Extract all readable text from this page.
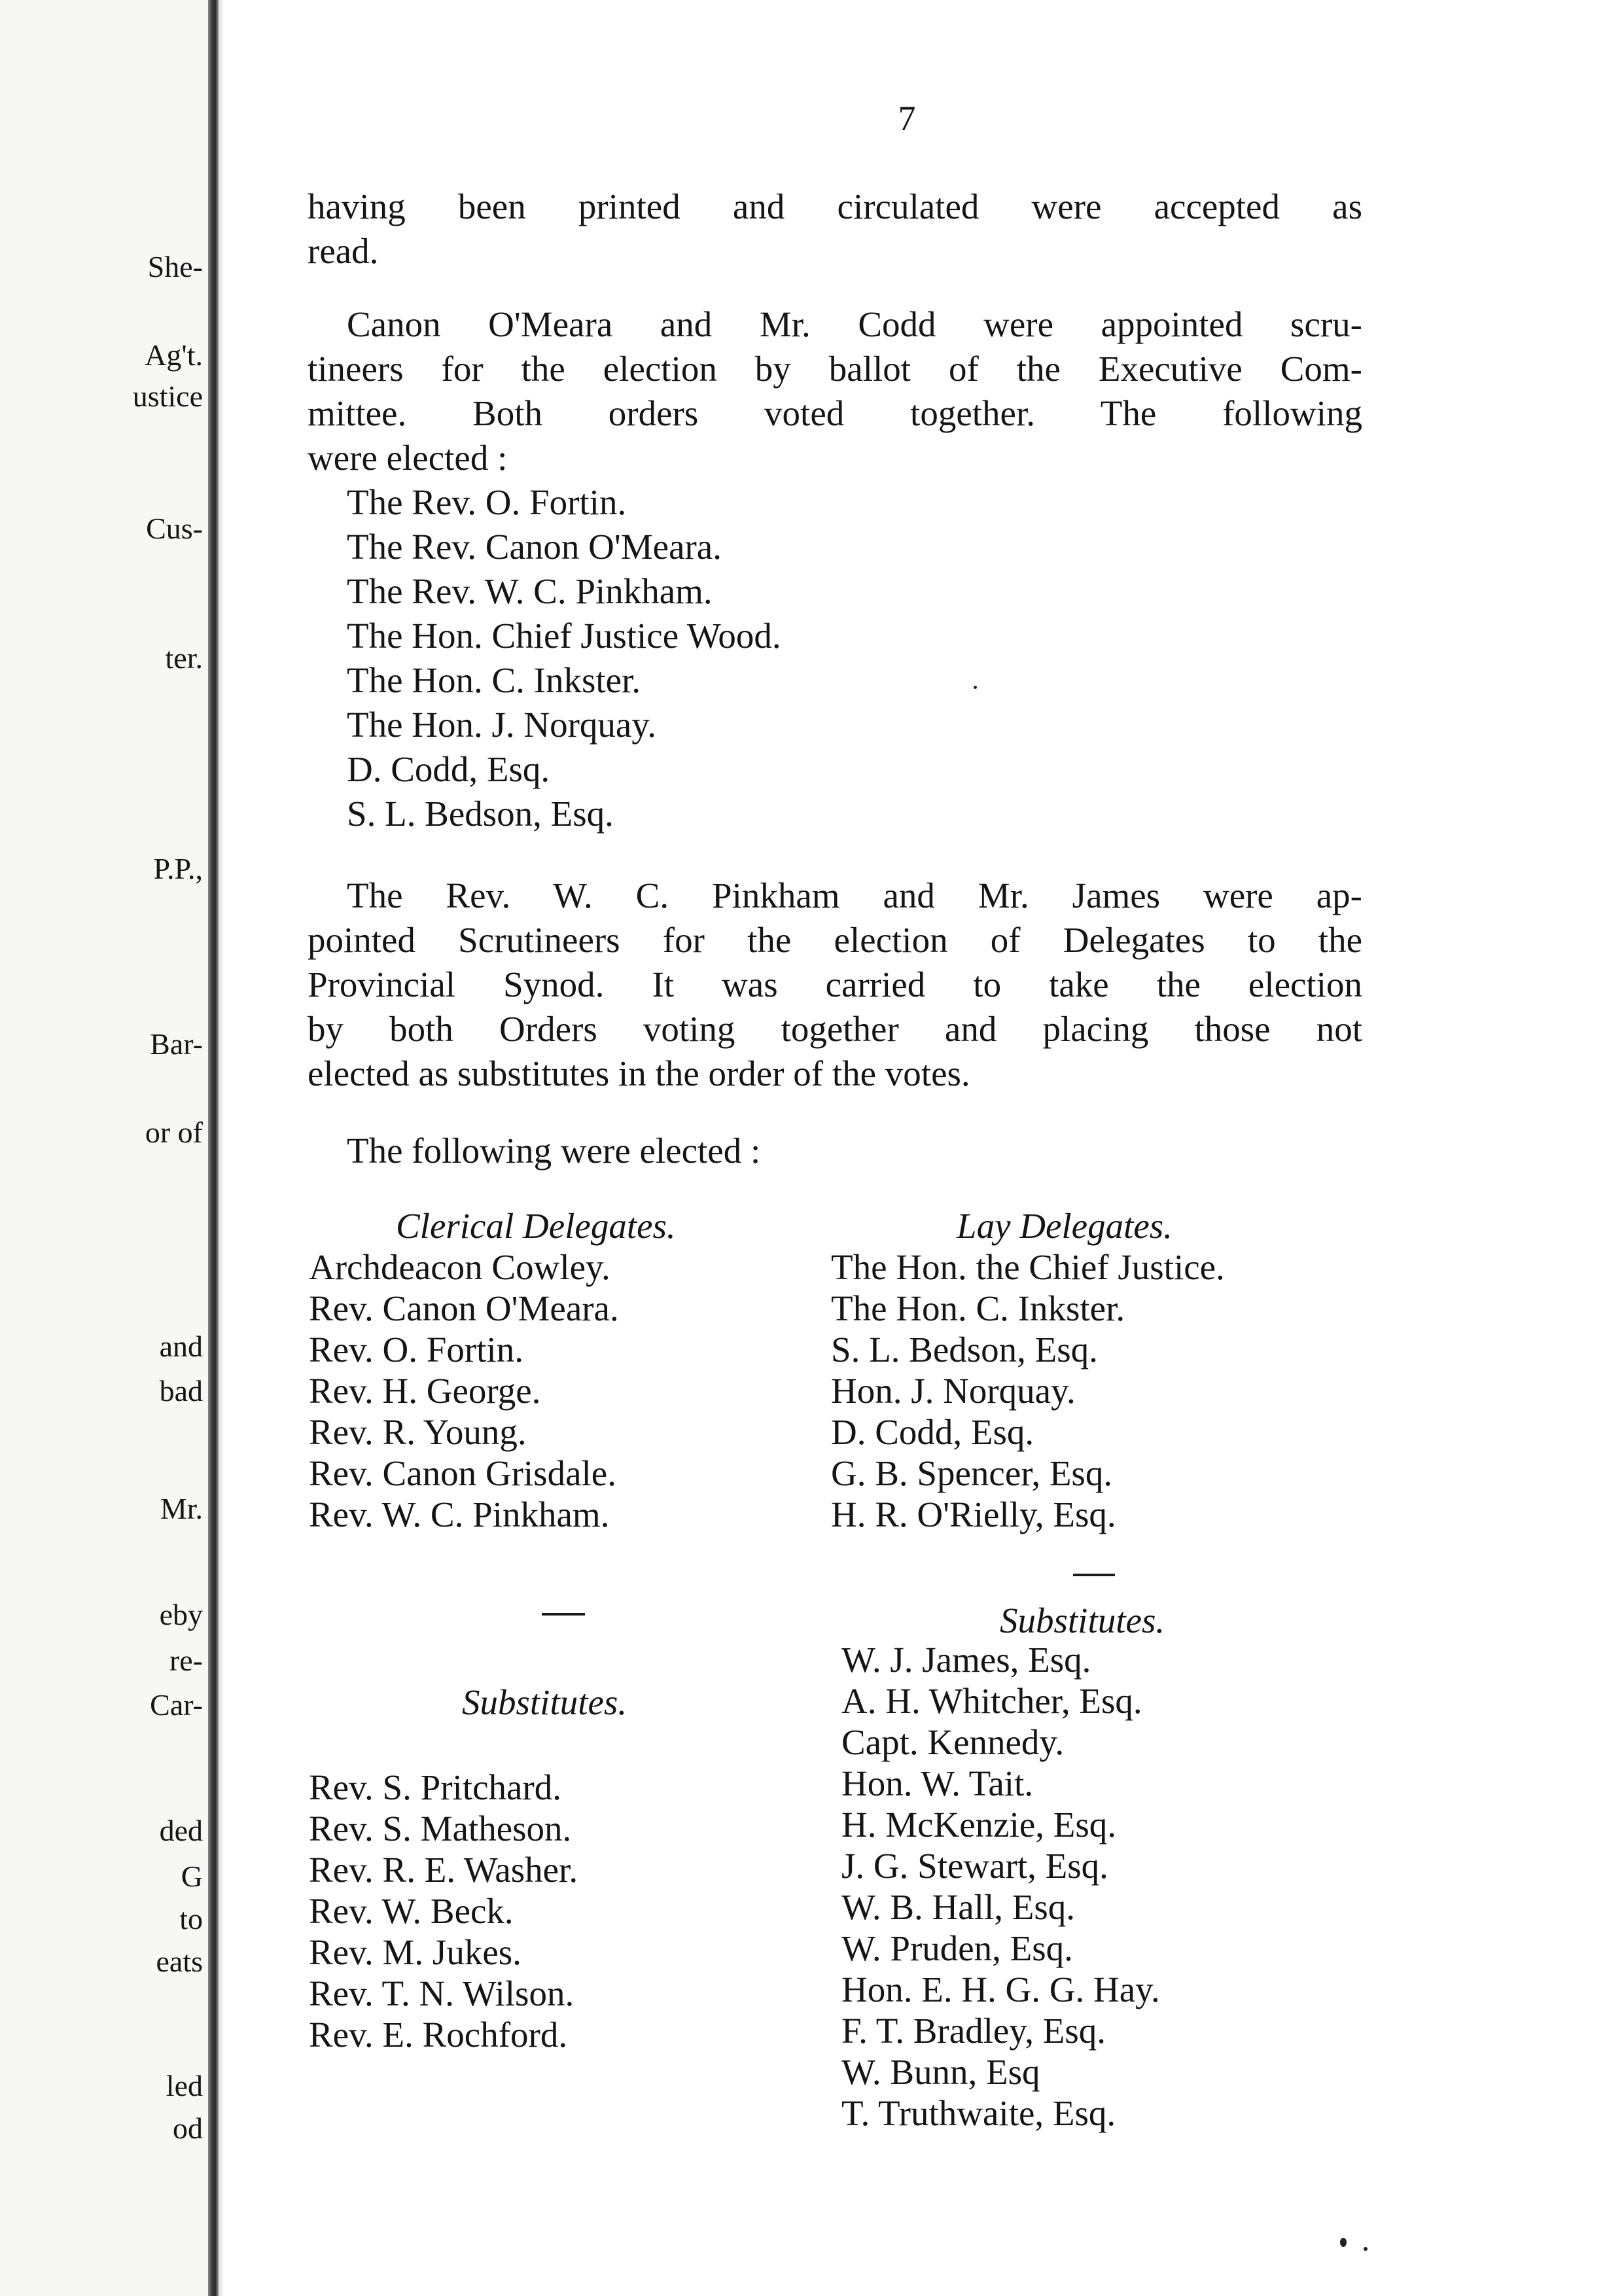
She-
Ag't.
ustice
Cus-
ter.
P.P.,
Bar-
or of
and
bad
Mr.
eby
re-
Car-
ded
G
to
eats
led
od
7
having been printed and circulated were accepted as
read.
Canon O'Meara and Mr. Codd were appointed scru-
tineers for the election by ballot of the Executive Com-
mittee. Both orders voted together. The following
were elected :
The Rev. O. Fortin.
The Rev. Canon O'Meara.
The Rev. W. C. Pinkham.
The Hon. Chief Justice Wood.
The Hon. C. Inkster.
The Hon. J. Norquay.
D. Codd, Esq.
S. L. Bedson, Esq.
The Rev. W. C. Pinkham and Mr. James were ap-
pointed Scrutineers for the election of Delegates to the
Provincial Synod. It was carried to take the election
by both Orders voting together and placing those not
elected as substitutes in the order of the votes.
The following were elected :
Clerical Delegates.
Archdeacon Cowley.
Rev. Canon O'Meara.
Rev. O. Fortin.
Rev. H. George.
Rev. R. Young.
Rev. Canon Grisdale.
Rev. W. C. Pinkham.
Substitutes.
Rev. S. Pritchard.
Rev. S. Matheson.
Rev. R. E. Washer.
Rev. W. Beck.
Rev. M. Jukes.
Rev. T. N. Wilson.
Rev. E. Rochford.
Lay Delegates.
The Hon. the Chief Justice.
The Hon. C. Inkster.
S. L. Bedson, Esq.
Hon. J. Norquay.
D. Codd, Esq.
G. B. Spencer, Esq.
H. R. O'Rielly, Esq.
Substitutes.
W. J. James, Esq.
A. H. Whitcher, Esq.
Capt. Kennedy.
Hon. W. Tait.
H. McKenzie, Esq.
J. G. Stewart, Esq.
W. B. Hall, Esq.
W. Pruden, Esq.
Hon. E. H. G. G. Hay.
F. T. Bradley, Esq.
W. Bunn, Esq
T. Truthwaite, Esq.
